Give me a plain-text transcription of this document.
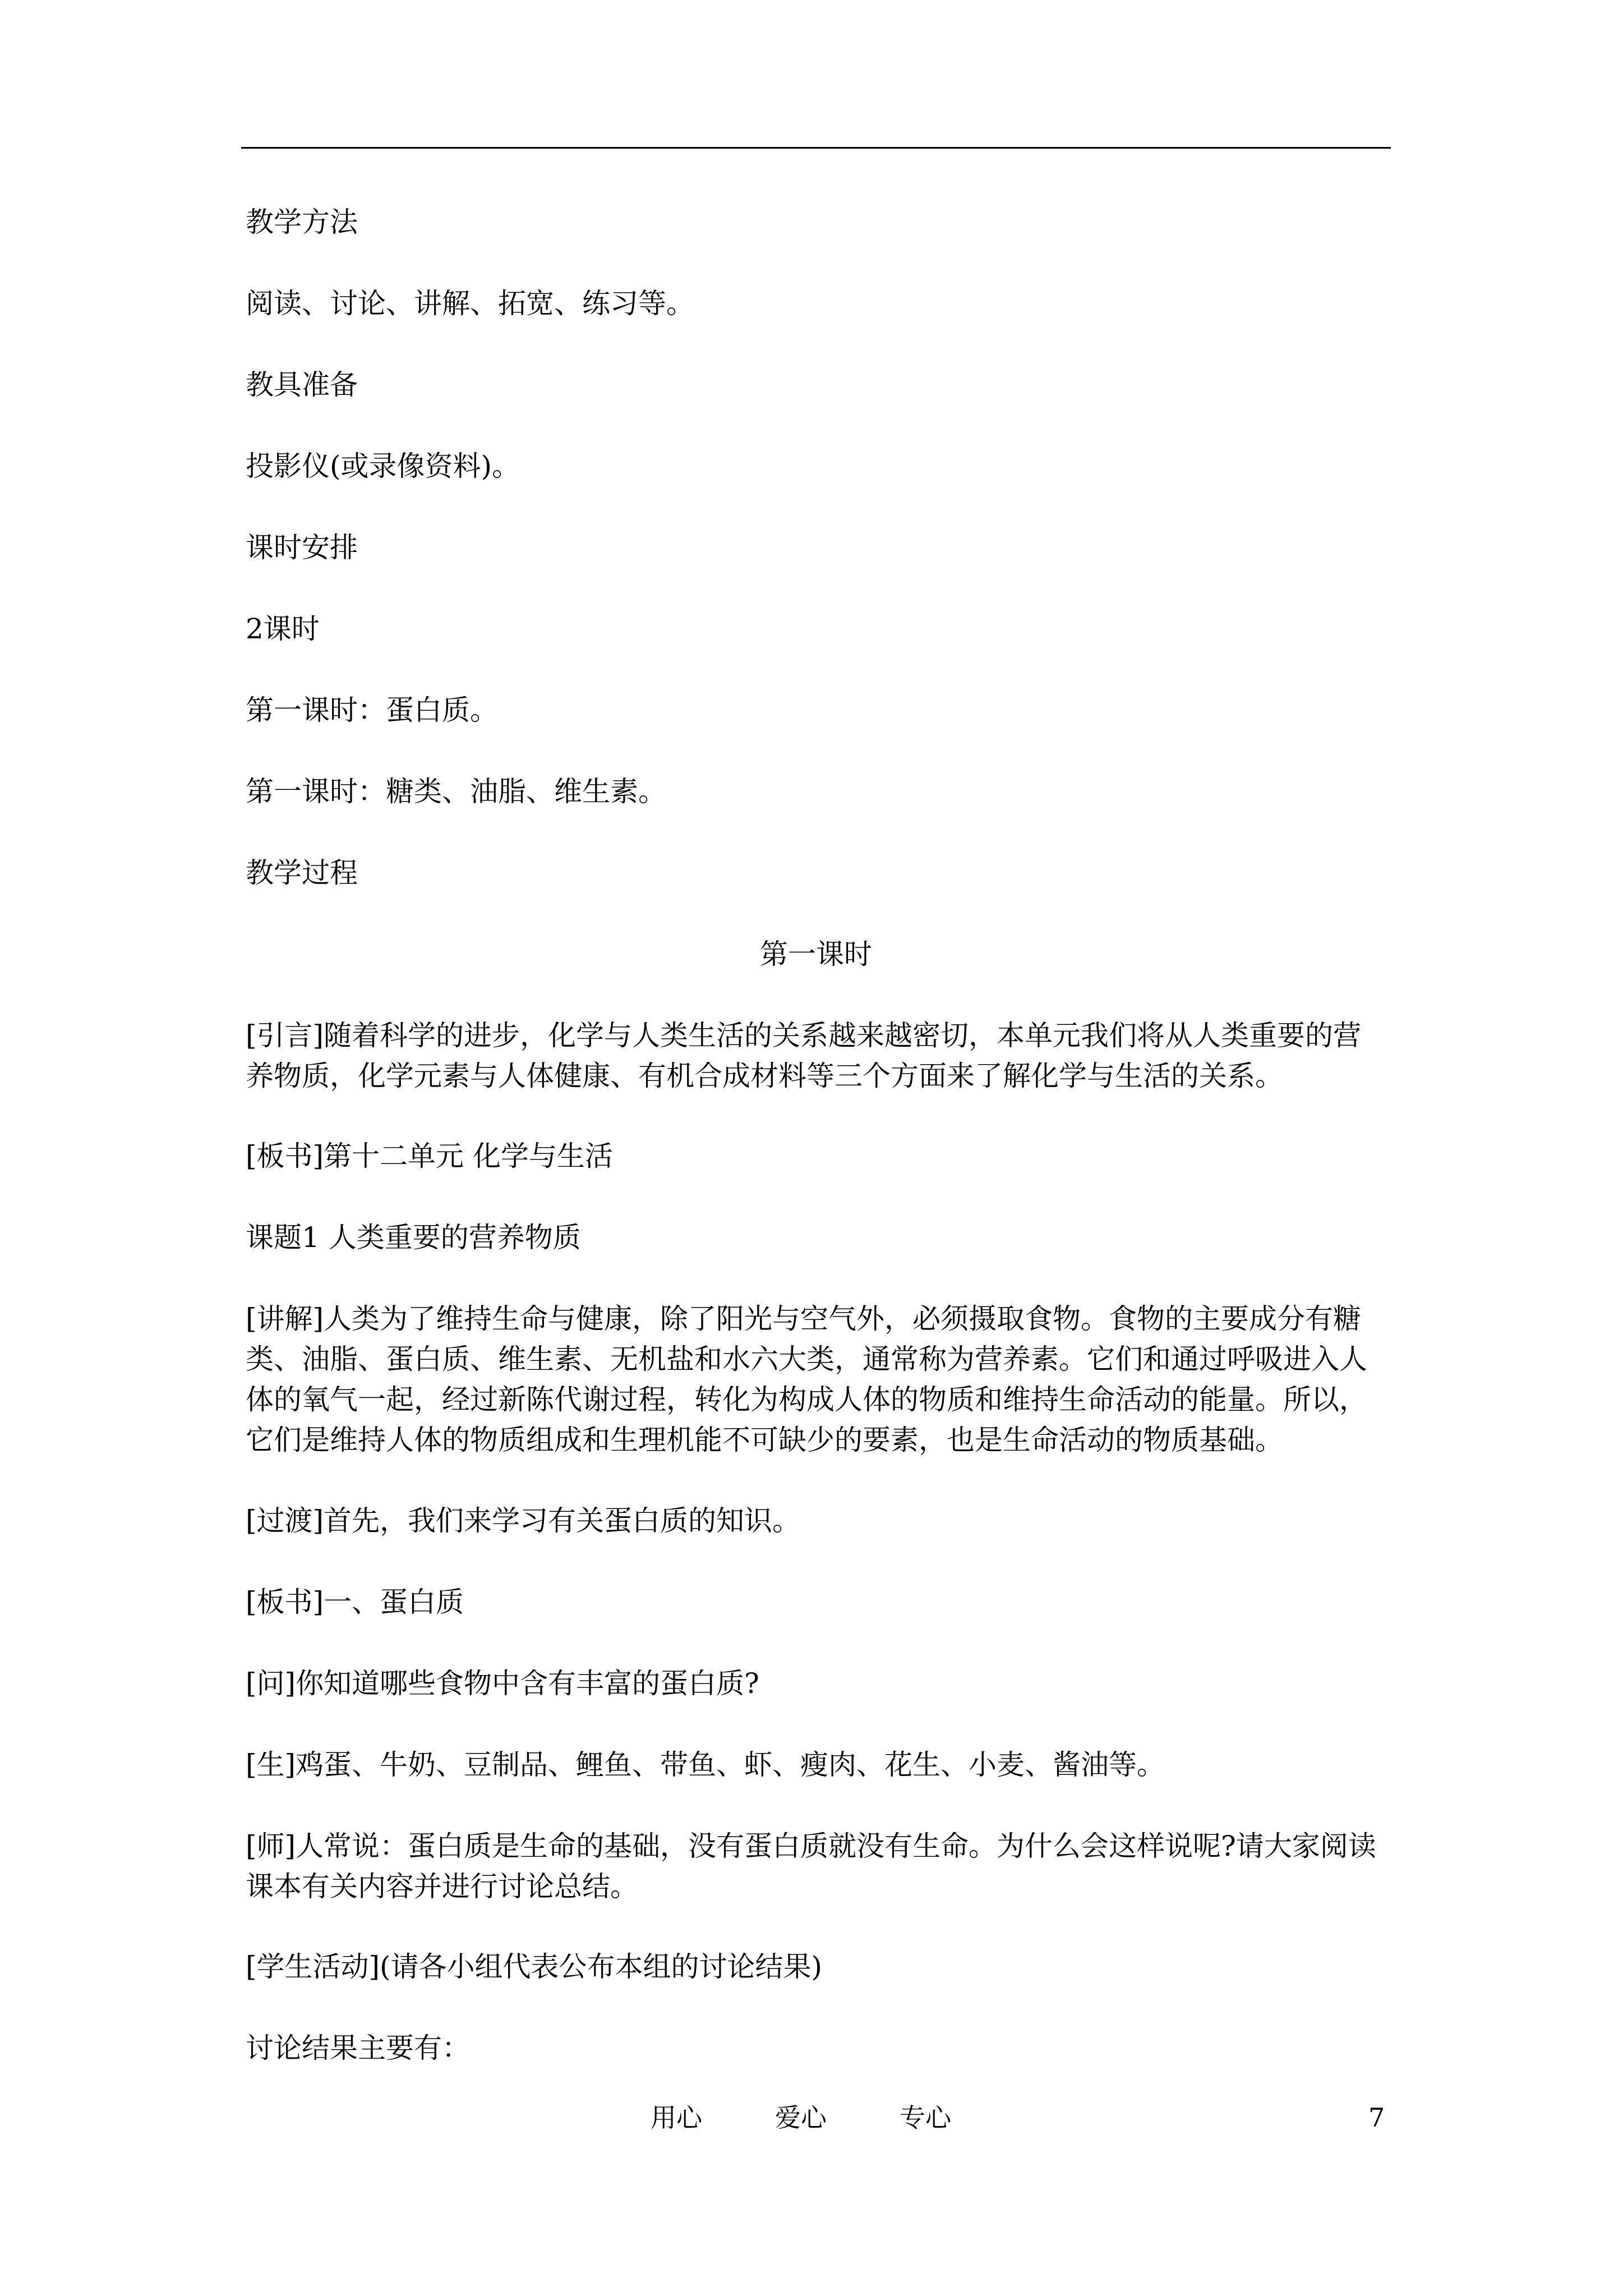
教学方法
阅读、讨论、讲解、拓宽、练习等。
教具准备
投影仪(或录像资料)。
课时安排
2课时
第一课时：蛋白质。
第一课时：糖类、油脂、维生素。
教学过程
第一课时
[引言]随着科学的进步，化学与人类生活的关系越来越密切，本单元我们将从人类重要的营养物质，化学元素与人体健康、有机合成材料等三个方面来了解化学与生活的关系。
[板书]第十二单元 化学与生活
课题1 人类重要的营养物质
[讲解]人类为了维持生命与健康，除了阳光与空气外，必须摄取食物。食物的主要成分有糖类、油脂、蛋白质、维生素、无机盐和水六大类，通常称为营养素。它们和通过呼吸进入人体的氧气一起，经过新陈代谢过程，转化为构成人体的物质和维持生命活动的能量。所以，它们是维持人体的物质组成和生理机能不可缺少的要素，也是生命活动的物质基础。
[过渡]首先，我们来学习有关蛋白质的知识。
[板书]一、蛋白质
[问]你知道哪些食物中含有丰富的蛋白质?
[生]鸡蛋、牛奶、豆制品、鲤鱼、带鱼、虾、瘦肉、花生、小麦、酱油等。
[师]人常说：蛋白质是生命的基础，没有蛋白质就没有生命。为什么会这样说呢?请大家阅读课本有关内容并进行讨论总结。
[学生活动](请各小组代表公布本组的讨论结果)
讨论结果主要有：
用心	爱心	专心	7
